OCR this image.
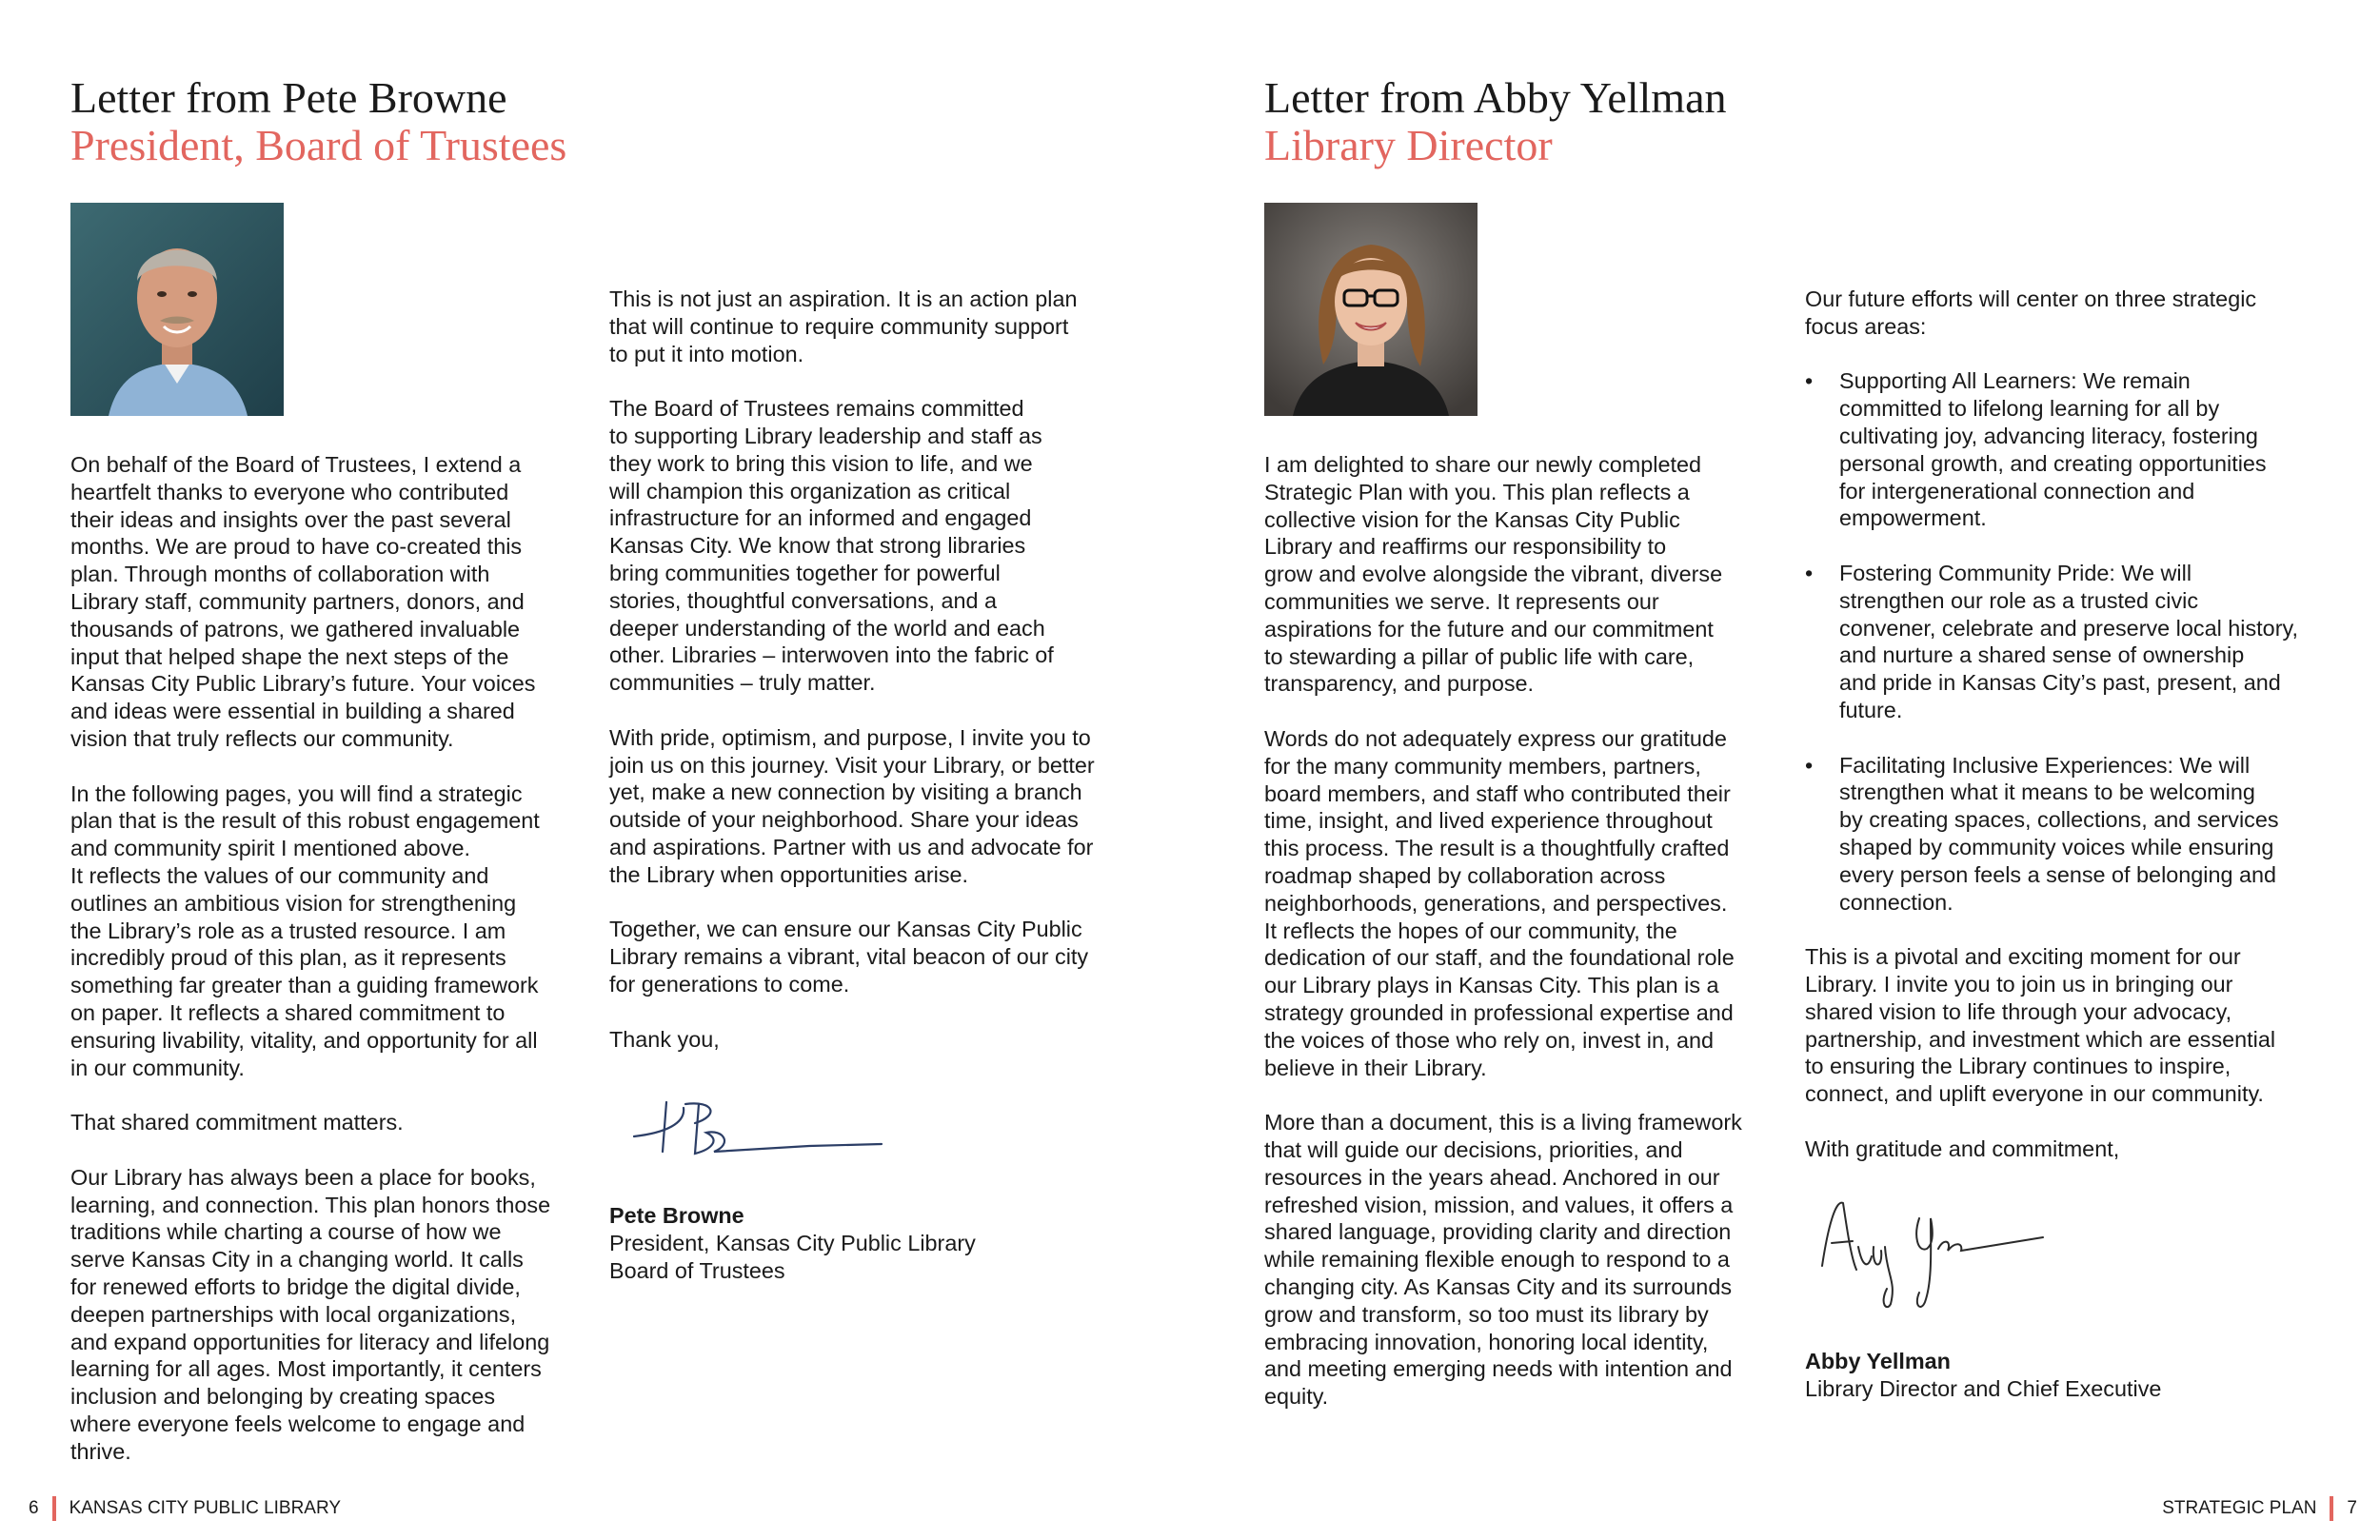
Letter from Pete Browne
President, Board of Trustees

On behalf of the Board of Trustees, I extend a
heartfelt thanks to everyone who contributed
their ideas and insights over the past several
months. We are proud to have co-created this
plan. Through months of collaboration with
Library staff, community partners, donors, and
thousands of patrons, we gathered invaluable
input that helped shape the next steps of the
Kansas City Public Library’s future. Your voices
and ideas were essential in building a shared
vision that truly reflects our community.

In the following pages, you will find a strategic
plan that is the result of this robust engagement
and community spirit I mentioned above.
It reflects the values of our community and
outlines an ambitious vision for strengthening
the Library’s role as a trusted resource. I am
incredibly proud of this plan, as it represents
something far greater than a guiding framework
on paper. It reflects a shared commitment to
ensuring livability, vitality, and opportunity for all
in our community.

That shared commitment matters.

Our Library has always been a place for books,
learning, and connection. This plan honors those
traditions while charting a course of how we
serve Kansas City in a changing world. It calls
for renewed efforts to bridge the digital divide,
deepen partnerships with local organizations,
and expand opportunities for literacy and lifelong
learning for all ages. Most importantly, it centers
inclusion and belonging by creating spaces
where everyone feels welcome to engage and
thrive.

This is not just an aspiration. It is an action plan
that will continue to require community support
to put it into motion.

The Board of Trustees remains committed
to supporting Library leadership and staff as
they work to bring this vision to life, and we
will champion this organization as critical
infrastructure for an informed and engaged
Kansas City. We know that strong libraries
bring communities together for powerful
stories, thoughtful conversations, and a
deeper understanding of the world and each
other. Libraries – interwoven into the fabric of
communities – truly matter.

With pride, optimism, and purpose, I invite you to
join us on this journey. Visit your Library, or better
yet, make a new connection by visiting a branch
outside of your neighborhood. Share your ideas
and aspirations. Partner with us and advocate for
the Library when opportunities arise.

Together, we can ensure our Kansas City Public
Library remains a vibrant, vital beacon of our city
for generations to come.

Thank you,

Pete Browne
President, Kansas City Public Library
Board of Trustees
6 KANSAS CITY PUBLIC LIBRARY
Letter from Abby Yellman
Library Director

I am delighted to share our newly completed
Strategic Plan with you. This plan reflects a
collective vision for the Kansas City Public
Library and reaffirms our responsibility to
grow and evolve alongside the vibrant, diverse
communities we serve. It represents our
aspirations for the future and our commitment
to stewarding a pillar of public life with care,
transparency, and purpose.

Words do not adequately express our gratitude
for the many community members, partners,
board members, and staff who contributed their
time, insight, and lived experience throughout
this process. The result is a thoughtfully crafted
roadmap shaped by collaboration across
neighborhoods, generations, and perspectives.
It reflects the hopes of our community, the
dedication of our staff, and the foundational role
our Library plays in Kansas City. This plan is a
strategy grounded in professional expertise and
the voices of those who rely on, invest in, and
believe in their Library.

More than a document, this is a living framework
that will guide our decisions, priorities, and
resources in the years ahead. Anchored in our
refreshed vision, mission, and values, it offers a
shared language, providing clarity and direction
while remaining flexible enough to respond to a
changing city. As Kansas City and its surrounds
grow and transform, so too must its library by
embracing innovation, honoring local identity,
and meeting emerging needs with intention and
equity.

Our future efforts will center on three strategic
focus areas:

• Supporting All Learners: We remain
committed to lifelong learning for all by
cultivating joy, advancing literacy, fostering
personal growth, and creating opportunities
for intergenerational connection and
empowerment.
• Fostering Community Pride: We will
strengthen our role as a trusted civic
convener, celebrate and preserve local history,
and nurture a shared sense of ownership
and pride in Kansas City’s past, present, and
future.
• Facilitating Inclusive Experiences: We will
strengthen what it means to be welcoming
by creating spaces, collections, and services
shaped by community voices while ensuring
every person feels a sense of belonging and
connection.

This is a pivotal and exciting moment for our
Library. I invite you to join us in bringing our
shared vision to life through your advocacy,
partnership, and investment which are essential
to ensuring the Library continues to inspire,
connect, and uplift everyone in our community.

With gratitude and commitment,

Abby Yellman
Library Director and Chief Executive
STRATEGIC PLAN 7
